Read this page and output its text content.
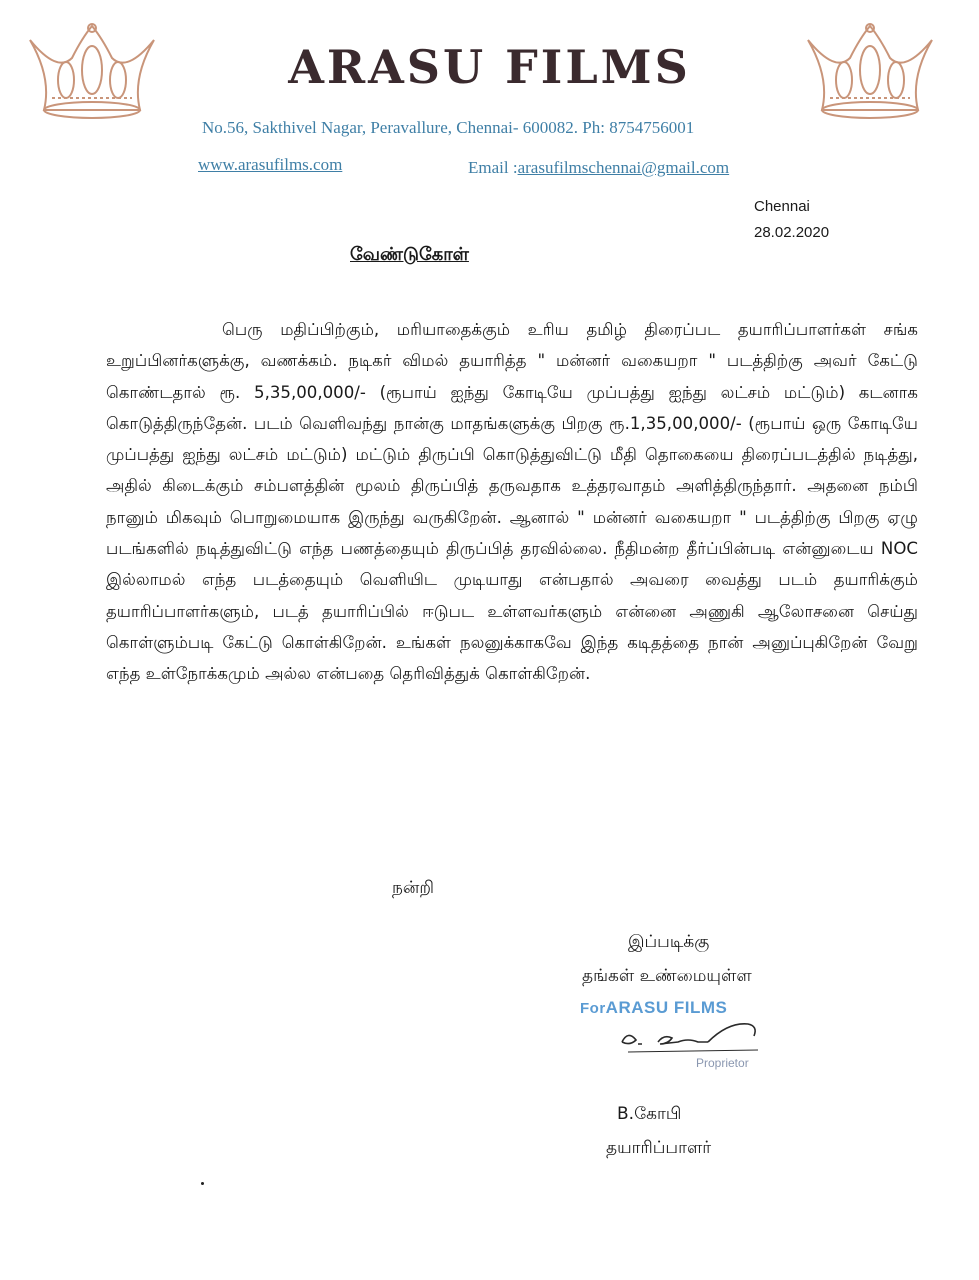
ARASU FILMS
No.56, Sakthivel Nagar, Peravallure, Chennai- 600082. Ph: 8754756001
www.arasufilms.com	Email :arasufilmschennai@gmail.com
Chennai
28.02.2020
வேண்டுகோள்
பெரு மதிப்பிற்கும், மரியாதைக்கும் உரிய தமிழ் திரைப்பட தயாரிப்பாளர்கள் சங்க உறுப்பினர்களுக்கு, வணக்கம். நடிகர் விமல் தயாரித்த " மன்னர் வகையறா " படத்திற்கு அவர் கேட்டு கொண்டதால் ரூ. 5,35,00,000/- (ரூபாய் ஐந்து கோடியே முப்பத்து ஐந்து லட்சம் மட்டும்) கடனாக கொடுத்திருந்தேன். படம் வெளிவந்து நான்கு மாதங்களுக்கு பிறகு ரூ.1,35,00,000/- (ரூபாய் ஒரு கோடியே முப்பத்து ஐந்து லட்சம் மட்டும்) மட்டும் திருப்பி கொடுத்துவிட்டு மீதி தொகையை திரைப்படத்தில் நடித்து, அதில் கிடைக்கும் சம்பளத்தின் மூலம் திருப்பித் தருவதாக உத்தரவாதம் அளித்திருந்தார். அதனை நம்பி நானும் மிகவும் பொறுமையாக இருந்து வருகிறேன். ஆனால் " மன்னர் வகையறா " படத்திற்கு பிறகு ஏழு படங்களில் நடித்துவிட்டு எந்த பணத்தையும் திருப்பித் தரவில்லை. நீதிமன்ற தீர்ப்பின்படி என்னுடைய NOC இல்லாமல் எந்த படத்தையும் வெளியிட முடியாது என்பதால் அவரை வைத்து படம் தயாரிக்கும் தயாரிப்பாளர்களும், படத் தயாரிப்பில் ஈடுபட உள்ளவர்களும் என்னை அணுகி ஆலோசனை செய்து கொள்ளும்படி கேட்டு கொள்கிறேன். உங்கள் நலனுக்காகவே இந்த கடிதத்தை நான் அனுப்புகிறேன் வேறு எந்த உள்நோக்கமும் அல்ல என்பதை தெரிவித்துக் கொள்கிறேன்.
நன்றி
இப்படிக்கு
தங்கள் உண்மையுள்ள
ForARASU FILMS
Proprietor
B.கோபி
தயாரிப்பாளர்
